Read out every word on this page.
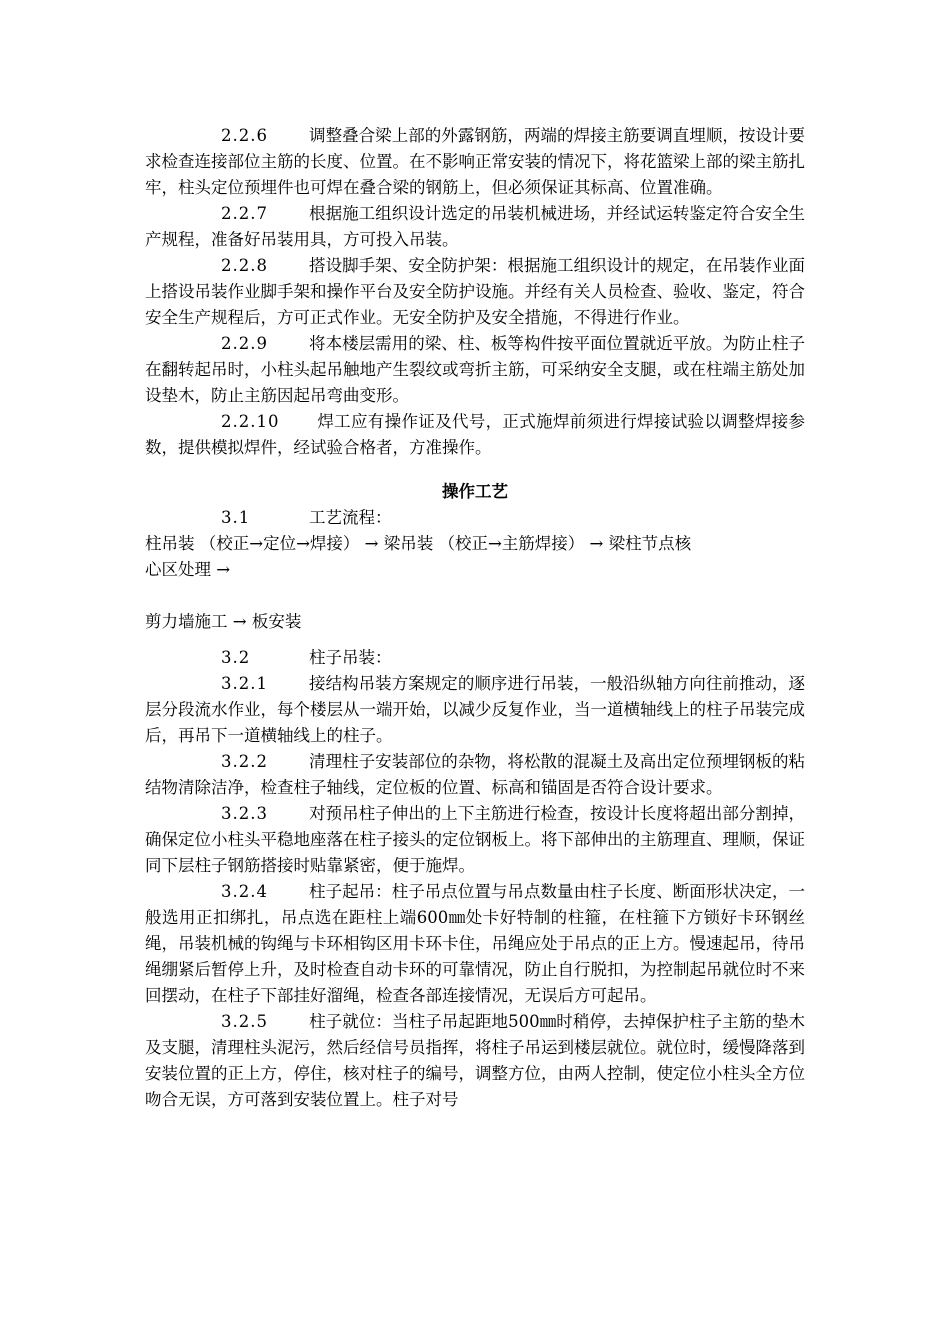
2.2.6 调整叠合梁上部的外露钢筋，两端的焊接主筋要调直埋顺，按设计要求检查连接部位主筋的长度、位置。在不影响正常安装的情况下，将花篮梁上部的梁主筋扎牢，柱头定位预埋件也可焊在叠合梁的钢筋上，但必须保证其标高、位置准确。

2.2.7 根据施工组织设计选定的吊装机械进场，并经试运转鉴定符合安全生产规程，准备好吊装用具，方可投入吊装。

2.2.8 搭设脚手架、安全防护架：根据施工组织设计的规定，在吊装作业面上搭设吊装作业脚手架和操作平台及安全防护设施。并经有关人员检查、验收、鉴定，符合安全生产规程后，方可正式作业。无安全防护及安全措施，不得进行作业。

2.2.9 将本楼层需用的梁、柱、板等构件按平面位置就近平放。为防止柱子在翻转起吊时，小柱头起吊触地产生裂纹或弯折主筋，可采纳安全支腿，或在柱端主筋处加设垫木，防止主筋因起吊弯曲变形。

2.2.10 焊工应有操作证及代号，正式施焊前须进行焊接试验以调整焊接参数，提供模拟焊件，经试验合格者，方准操作。

操作工艺

3.1	工艺流程：

柱吊装 （校正→定位→焊接） → 梁吊装 （校正→主筋焊接） → 梁柱节点核

心区处理 →

剪力墙施工 → 板安装

3.2	柱子吊装：

3.2.1 接结构吊装方案规定的顺序进行吊装，一般沿纵轴方向往前推动，逐层分段流水作业，每个楼层从一端开始，以减少反复作业，当一道横轴线上的柱子吊装完成后，再吊下一道横轴线上的柱子。

3.2.2 清理柱子安装部位的杂物，将松散的混凝土及高出定位预埋钢板的粘结物清除洁净，检查柱子轴线，定位板的位置、标高和锚固是否符合设计要求。

3.2.3 对预吊柱子伸出的上下主筋进行检查，按设计长度将超出部分割掉，确保定位小柱头平稳地座落在柱子接头的定位钢板上。将下部伸出的主筋理直、理顺，保证同下层柱子钢筋搭接时贴靠紧密，便于施焊。

3.2.4 柱子起吊：柱子吊点位置与吊点数量由柱子长度、断面形状决定，一般选用正扣绑扎，吊点选在距柱上端600㎜处卡好特制的柱箍，在柱箍下方锁好卡环钢丝绳，吊装机械的钩绳与卡环相钩区用卡环卡住，吊绳应处于吊点的正上方。慢速起吊，待吊绳绷紧后暂停上升，及时检查自动卡环的可靠情况，防止自行脱扣，为控制起吊就位时不来回摆动，在柱子下部挂好溜绳，检查各部连接情况，无误后方可起吊。

3.2.5 柱子就位：当柱子吊起距地500㎜时稍停，去掉保护柱子主筋的垫木及支腿，清理柱头泥污，然后经信号员指挥，将柱子吊运到楼层就位。就位时，缓慢降落到安装位置的正上方，停住，核对柱子的编号，调整方位，由两人控制，使定位小柱头全方位吻合无误，方可落到安装位置上。柱子对号
